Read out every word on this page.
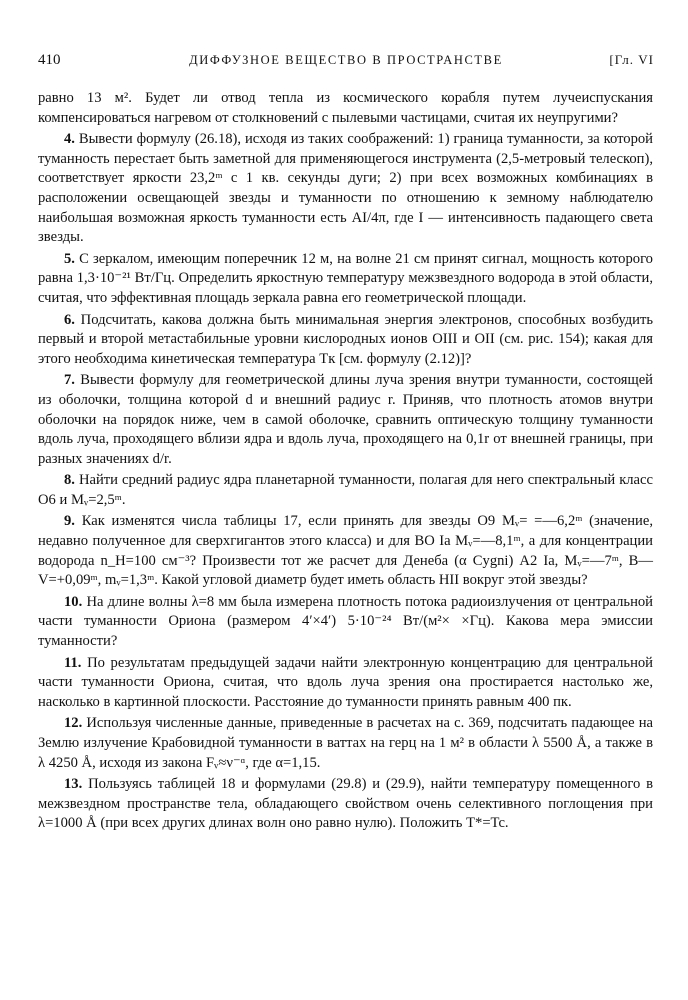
410	ДИФФУЗНОЕ ВЕЩЕСТВО В ПРОСТРАНСТВЕ	[Гл. VI

равно 13 м². Будет ли отвод тепла из космического корабля путем лучеиспускания компенсироваться нагревом от столкновений с пылевыми частицами, считая их неупругими?

4. Вывести формулу (26.18), исходя из таких соображений: 1) граница туманности, за которой туманность перестает быть заметной для применяющегося инструмента (2,5-метровый телескоп), соответствует яркости 23,2ᵐ с 1 кв. секунды дуги; 2) при всех возможных комбинациях в расположении освещающей звезды и туманности по отношению к земному наблюдателю наибольшая возможная яркость туманности есть AI/4π, где I — интенсивность падающего света звезды.

5. С зеркалом, имеющим поперечник 12 м, на волне 21 см принят сигнал, мощность которого равна 1,3·10⁻²¹ Вт/Гц. Определить яркостную температуру межзвездного водорода в этой области, считая, что эффективная площадь зеркала равна его геометрической площади.

6. Подсчитать, какова должна быть минимальная энергия электронов, способных возбудить первый и второй метастабильные уровни кислородных ионов OIII и OII (см. рис. 154); какая для этого необходима кинетическая температура Tк [см. формулу (2.12)]?

7. Вывести формулу для геометрической длины луча зрения внутри туманности, состоящей из оболочки, толщина которой d и внешний радиус r. Приняв, что плотность атомов внутри оболочки на порядок ниже, чем в самой оболочке, сравнить оптическую толщину туманности вдоль луча, проходящего вблизи ядра и вдоль луча, проходящего на 0,1r от внешней границы, при разных значениях d/r.

8. Найти средний радиус ядра планетарной туманности, полагая для него спектральный класс O6 и Mᵥ=2,5ᵐ.

9. Как изменятся числа таблицы 17, если принять для звезды O9 Mᵥ= =—6,2ᵐ (значение, недавно полученное для сверхгигантов этого класса) и для BO Ia Mᵥ=—8,1ᵐ, а для концентрации водорода n_H=100 см⁻³? Произвести тот же расчет для Денеба (α Cygni) A2 Ia, Mᵥ=—7ᵐ, B—V=+0,09ᵐ, mᵥ=1,3ᵐ. Какой угловой диаметр будет иметь область HII вокруг этой звезды?

10. На длине волны λ=8 мм была измерена плотность потока радиоизлучения от центральной части туманности Ориона (размером 4′×4′) 5·10⁻²⁴ Вт/(м²× ×Гц). Какова мера эмиссии туманности?

11. По результатам предыдущей задачи найти электронную концентрацию для центральной части туманности Ориона, считая, что вдоль луча зрения она простирается настолько же, насколько в картинной плоскости. Расстояние до туманности принять равным 400 пк.

12. Используя численные данные, приведенные в расчетах на с. 369, подсчитать падающее на Землю излучение Крабовидной туманности в ваттах на герц на 1 м² в области λ 5500 Å, а также в λ 4250 Å, исходя из закона Fᵥ≈ν⁻ᵅ, где α=1,15.

13. Пользуясь таблицей 18 и формулами (29.8) и (29.9), найти температуру помещенного в межзвездном пространстве тела, обладающего свойством очень селективного поглощения при λ=1000 Å (при всех других длинах волн оно равно нулю). Положить T*=Tc.
